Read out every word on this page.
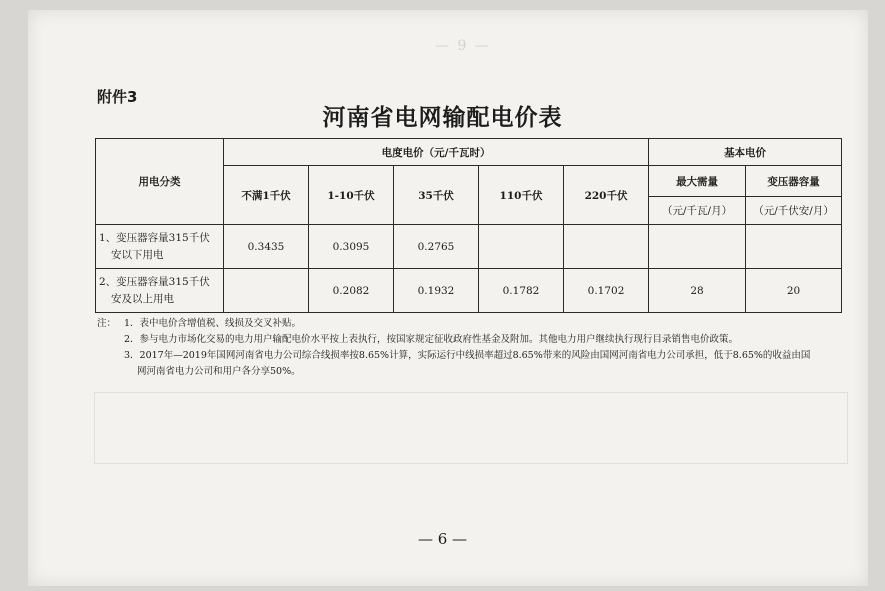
— 9 —

附件3
河南省电网输配电价表
用电分类	电度电价（元/千瓦时）					基本电价	
	不满1千伏	1-10千伏	35千伏	110千伏	220千伏	最大需量	变压器容量
						（元/千瓦/月）	（元/千伏安/月）

1、变压器容量315千伏
安以下用电	0.3435	0.3095	0.2765				

2、变压器容量315千伏
安及以上用电		0.2082	0.1932	0.1782	0.1702	28	20
注： 1．表中电价含增值税、线损及交叉补贴。
2．参与电力市场化交易的电力用户输配电价水平按上表执行，按国家规定征收政府性基金及附加。其他电力用户继续执行现行目录销售电价政策。
3．2017年—2019年国网河南省电力公司综合线损率按8.65%计算，实际运行中线损率超过8.65%带来的风险由国网河南省电力公司承担，低于8.65%的收益由国网河南省电力公司和用户各分享50%。
— 6 —
